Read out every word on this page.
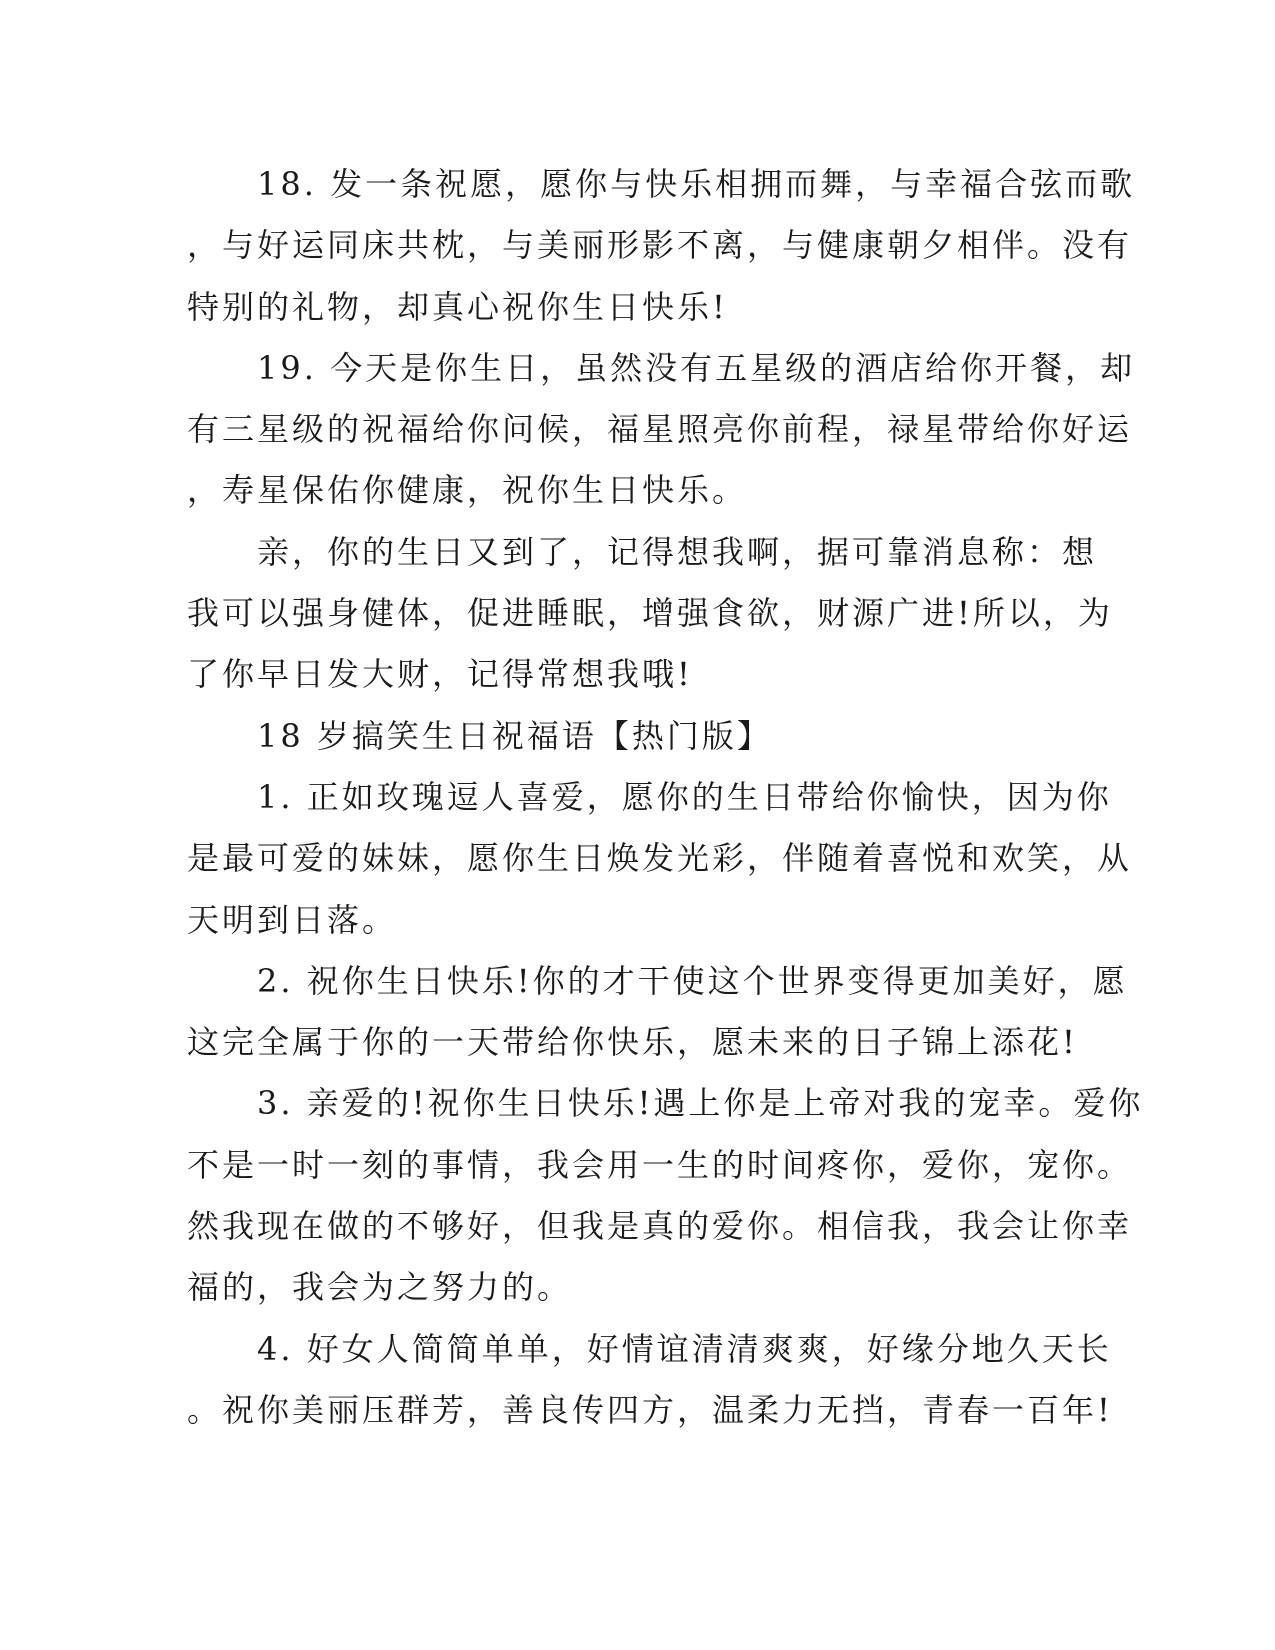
18. 发一条祝愿，愿你与快乐相拥而舞，与幸福合弦而歌
，与好运同床共枕，与美丽形影不离，与健康朝夕相伴。没有
特别的礼物，却真心祝你生日快乐!

19. 今天是你生日，虽然没有五星级的酒店给你开餐，却
有三星级的祝福给你问候，福星照亮你前程，禄星带给你好运
，寿星保佑你健康，祝你生日快乐。

亲，你的生日又到了，记得想我啊，据可靠消息称：想
我可以强身健体，促进睡眠，增强食欲，财源广进!所以，为
了你早日发大财，记得常想我哦!

18 岁搞笑生日祝福语【热门版】

1. 正如玫瑰逗人喜爱，愿你的生日带给你愉快，因为你
是最可爱的妹妹，愿你生日焕发光彩，伴随着喜悦和欢笑，从
天明到日落。

2. 祝你生日快乐!你的才干使这个世界变得更加美好，愿
这完全属于你的一天带给你快乐，愿未来的日子锦上添花!

3. 亲爱的!祝你生日快乐!遇上你是上帝对我的宠幸。爱你
不是一时一刻的事情，我会用一生的时间疼你，爱你，宠你。
然我现在做的不够好，但我是真的爱你。相信我，我会让你幸
福的，我会为之努力的。

4. 好女人简简单单，好情谊清清爽爽，好缘分地久天长
。祝你美丽压群芳，善良传四方，温柔力无挡，青春一百年!
